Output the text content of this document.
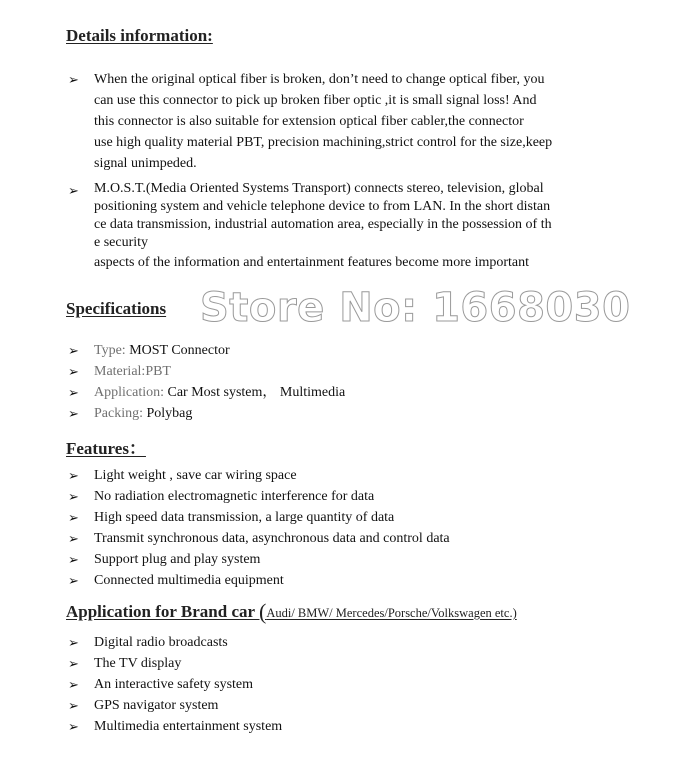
Details information:
➢ When the original optical fiber is broken, don’t need to change optical fiber, you
can use this connector to pick up broken fiber optic ,it is small signal loss! And
this connector is also suitable for extension optical fiber cabler,the connector
use high quality material PBT, precision machining,strict control for the size,keep
signal unimpeded.
➢ M.O.S.T.(Media Oriented Systems Transport) connects stereo, television, global
positioning system and vehicle telephone device to from LAN. In the short distan
ce data transmission, industrial automation area, especially in the possession of th
e security
aspects of the information and entertainment features become more important
Specifications Store No: 1668030
➢ Type: MOST Connector
➢ Material:PBT
➢ Application: Car Most system， Multimedia
➢ Packing: Polybag
Features：
➢ Light weight , save car wiring space
➢ No radiation electromagnetic interference for data
➢ High speed data transmission, a large quantity of data
➢ Transmit synchronous data, asynchronous data and control data
➢ Support plug and play system
➢ Connected multimedia equipment
Application for Brand car (Audi/ BMW/ Mercedes/Porsche/Volkswagen etc.)
➢ Digital radio broadcasts
➢ The TV display
➢ An interactive safety system
➢ GPS navigator system
➢ Multimedia entertainment system
